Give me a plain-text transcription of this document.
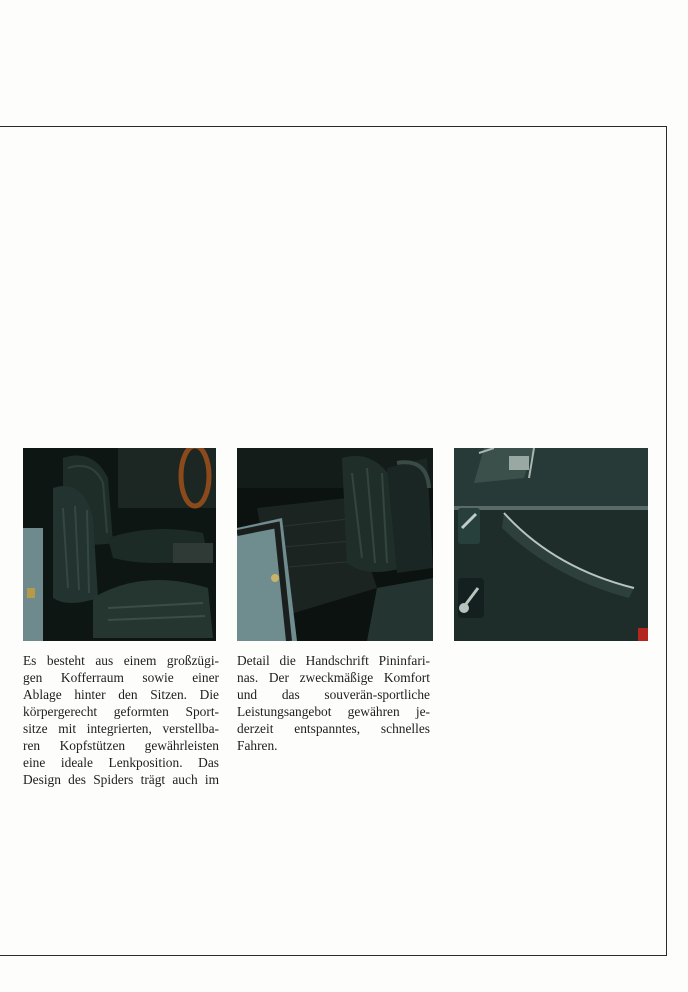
Es besteht aus einem großzügi-
gen Kofferraum sowie einer
Ablage hinter den Sitzen. Die
körpergerecht geformten Sport-
sitze mit integrierten, verstellba-
ren Kopfstützen gewährleisten
eine ideale Lenkposition. Das
Design des Spiders trägt auch im
Detail die Handschrift Pininfari-
nas. Der zweckmäßige Komfort
und das souverän-sportliche
Leistungsangebot gewähren je-
derzeit entspanntes, schnelles
Fahren.
